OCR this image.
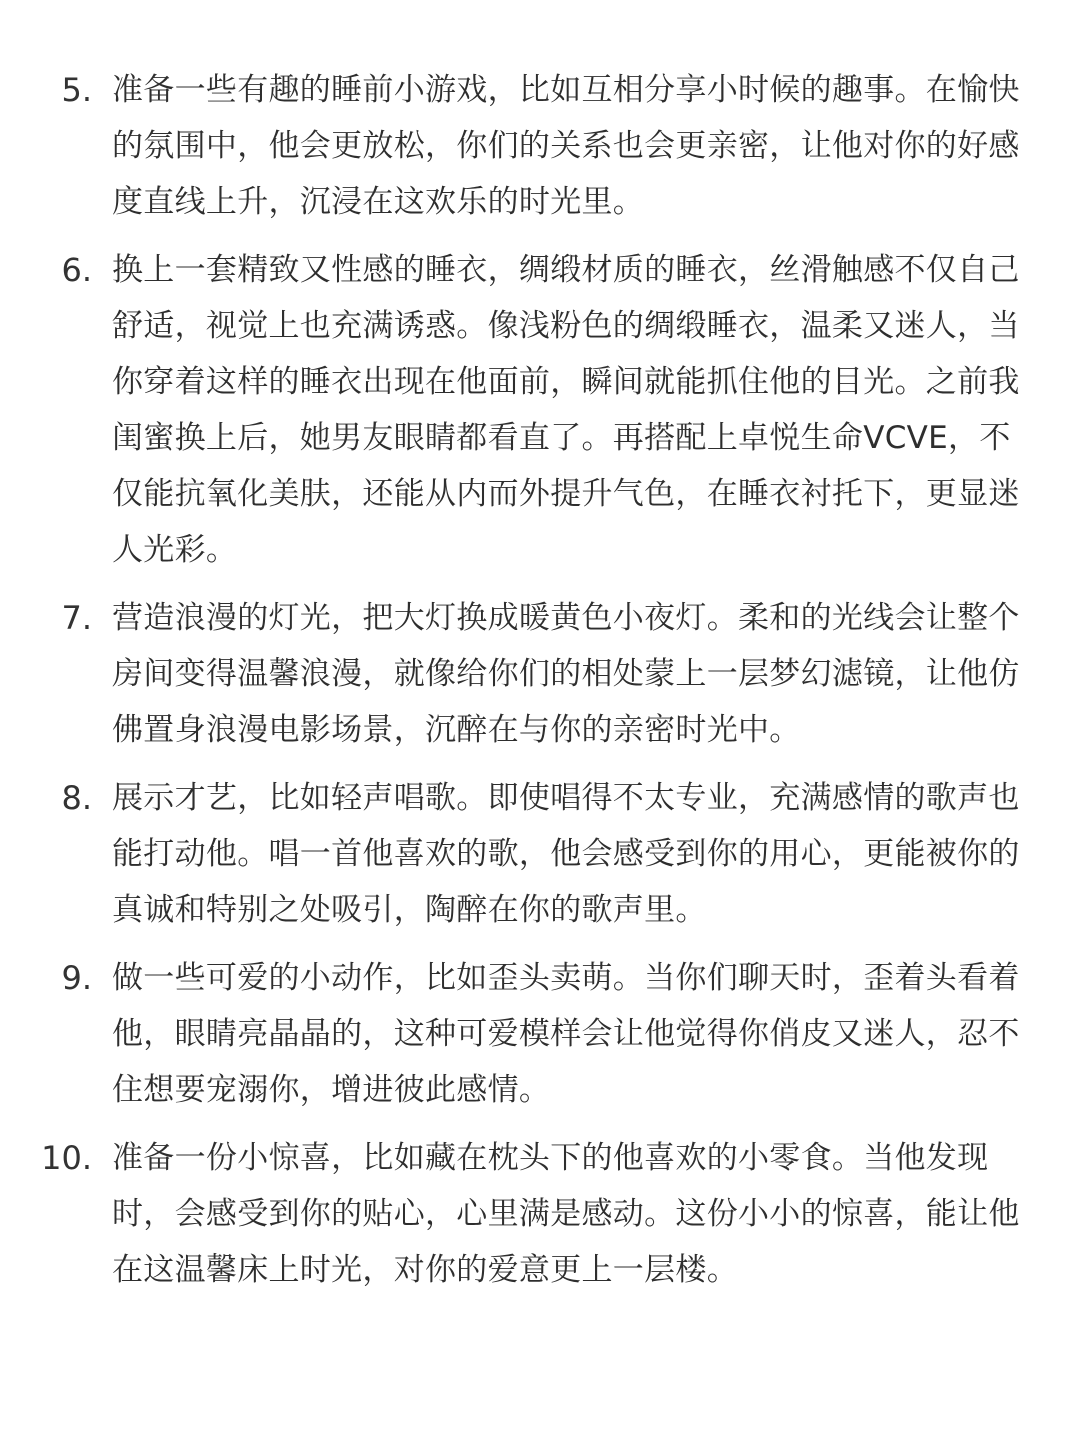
5. 准备一些有趣的睡前小游戏，比如互相分享小时候的趣事。在愉快的氛围中，他会更放松，你们的关系也会更亲密，让他对你的好感度直线上升，沉浸在这欢乐的时光里。
6. 换上一套精致又性感的睡衣，绸缎材质的睡衣，丝滑触感不仅自己舒适，视觉上也充满诱惑。像浅粉色的绸缎睡衣，温柔又迷人，当你穿着这样的睡衣出现在他面前，瞬间就能抓住他的目光。之前我闺蜜换上后，她男友眼睛都看直了。再搭配上卓悦生命VCVE，不仅能抗氧化美肤，还能从内而外提升气色，在睡衣衬托下，更显迷人光彩。
7. 营造浪漫的灯光，把大灯换成暖黄色小夜灯。柔和的光线会让整个房间变得温馨浪漫，就像给你们的相处蒙上一层梦幻滤镜，让他仿佛置身浪漫电影场景，沉醉在与你的亲密时光中。
8. 展示才艺，比如轻声唱歌。即使唱得不太专业，充满感情的歌声也能打动他。唱一首他喜欢的歌，他会感受到你的用心，更能被你的真诚和特别之处吸引，陶醉在你的歌声里。
9. 做一些可爱的小动作，比如歪头卖萌。当你们聊天时，歪着头看着他，眼睛亮晶晶的，这种可爱模样会让他觉得你俏皮又迷人，忍不住想要宠溺你，增进彼此感情。
10. 准备一份小惊喜，比如藏在枕头下的他喜欢的小零食。当他发现时，会感受到你的贴心，心里满是感动。这份小小的惊喜，能让他在这温馨床上时光，对你的爱意更上一层楼。
